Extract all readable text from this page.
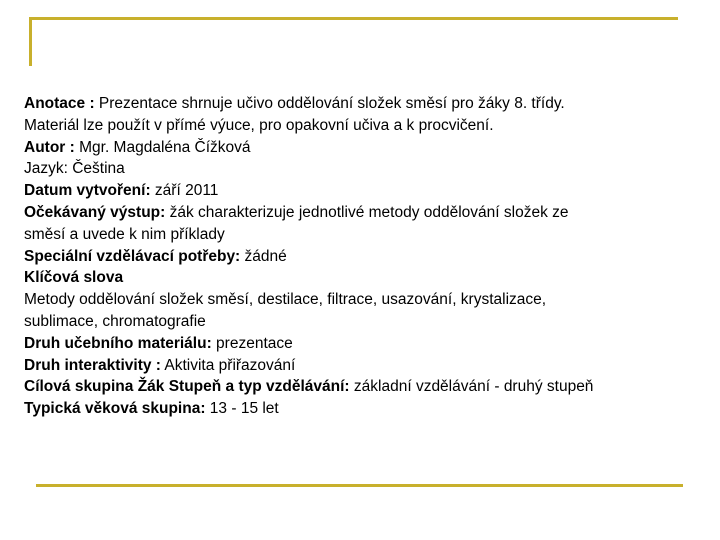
Anotace : Prezentace shrnuje učivo oddělování složek směsí pro žáky 8. třídy.
Materiál lze použít v přímé výuce, pro opakovní učiva a k procvičení.
Autor : Mgr. Magdaléna Čížková
Jazyk: Čeština
Datum vytvoření: září 2011
Očekávaný výstup: žák charakterizuje jednotlivé metody oddělování složek ze
směsí a uvede k nim příklady
Speciální vzdělávací potřeby: žádné
Klíčová slova
Metody oddělování složek směsí, destilace, filtrace, usazování, krystalizace,
sublimace, chromatografie
Druh učebního materiálu: prezentace
Druh interaktivity : Aktivita přiřazování
Cílová skupina Žák Stupeň a typ vzdělávání: základní vzdělávání - druhý stupeň
Typická věková skupina: 13 - 15 let
